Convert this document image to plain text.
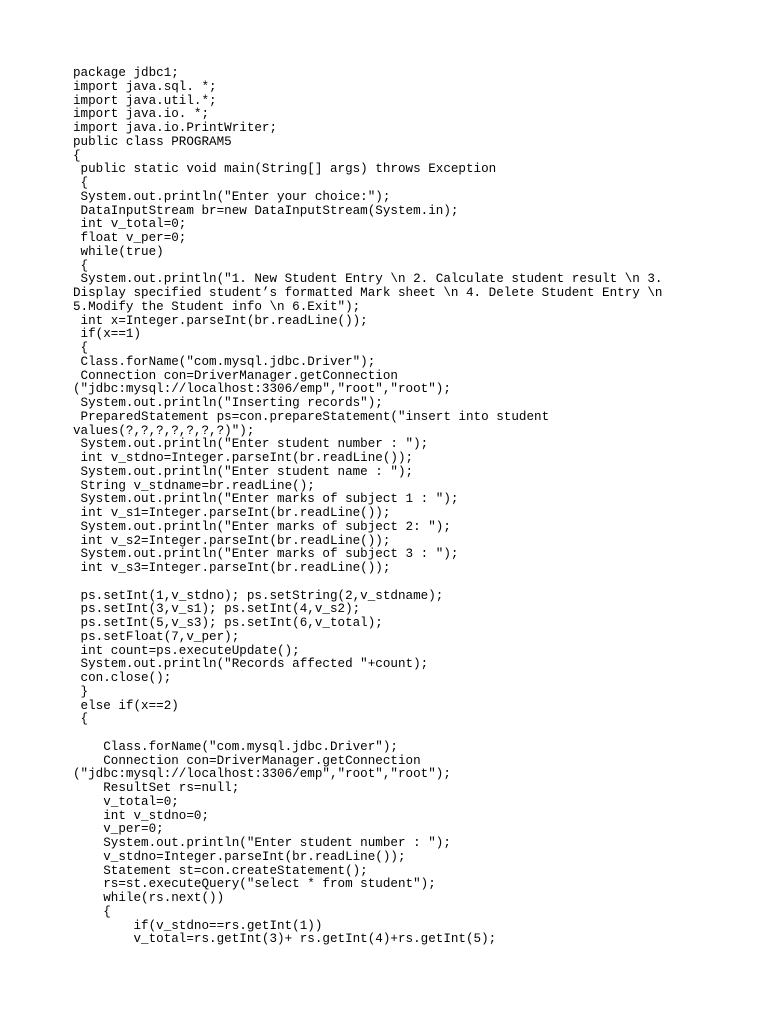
package jdbc1;
import java.sql. *;
import java.util.*;
import java.io. *;
import java.io.PrintWriter;
public class PROGRAM5
{
public static void main(String[] args) throws Exception
{
System.out.println("Enter your choice:");
DataInputStream br=new DataInputStream(System.in);
int v_total=0;
float v_per=0;
while(true)
{
System.out.println("1. New Student Entry \n 2. Calculate student result \n 3.
Display specified student’s formatted Mark sheet \n 4. Delete Student Entry \n
5.Modify the Student info \n 6.Exit");
int x=Integer.parseInt(br.readLine());
if(x==1)
{
Class.forName("com.mysql.jdbc.Driver");
Connection con=DriverManager.getConnection
("jdbc:mysql://localhost:3306/emp","root","root");
System.out.println("Inserting records");
PreparedStatement ps=con.prepareStatement("insert into student
values(?,?,?,?,?,?,?)");
System.out.println("Enter student number : ");
int v_stdno=Integer.parseInt(br.readLine());
System.out.println("Enter student name : ");
String v_stdname=br.readLine();
System.out.println("Enter marks of subject 1 : ");
int v_s1=Integer.parseInt(br.readLine());
System.out.println("Enter marks of subject 2: ");
int v_s2=Integer.parseInt(br.readLine());
System.out.println("Enter marks of subject 3 : ");
int v_s3=Integer.parseInt(br.readLine());
ps.setInt(1,v_stdno); ps.setString(2,v_stdname);
ps.setInt(3,v_s1); ps.setInt(4,v_s2);
ps.setInt(5,v_s3); ps.setInt(6,v_total);
ps.setFloat(7,v_per);
int count=ps.executeUpdate();
System.out.println("Records affected "+count);
con.close();
}
else if(x==2)
{
Class.forName("com.mysql.jdbc.Driver");
Connection con=DriverManager.getConnection
("jdbc:mysql://localhost:3306/emp","root","root");
ResultSet rs=null;
v_total=0;
int v_stdno=0;
v_per=0;
System.out.println("Enter student number : ");
v_stdno=Integer.parseInt(br.readLine());
Statement st=con.createStatement();
rs=st.executeQuery("select * from student");
while(rs.next())
{
if(v_stdno==rs.getInt(1))
v_total=rs.getInt(3)+ rs.getInt(4)+rs.getInt(5);
